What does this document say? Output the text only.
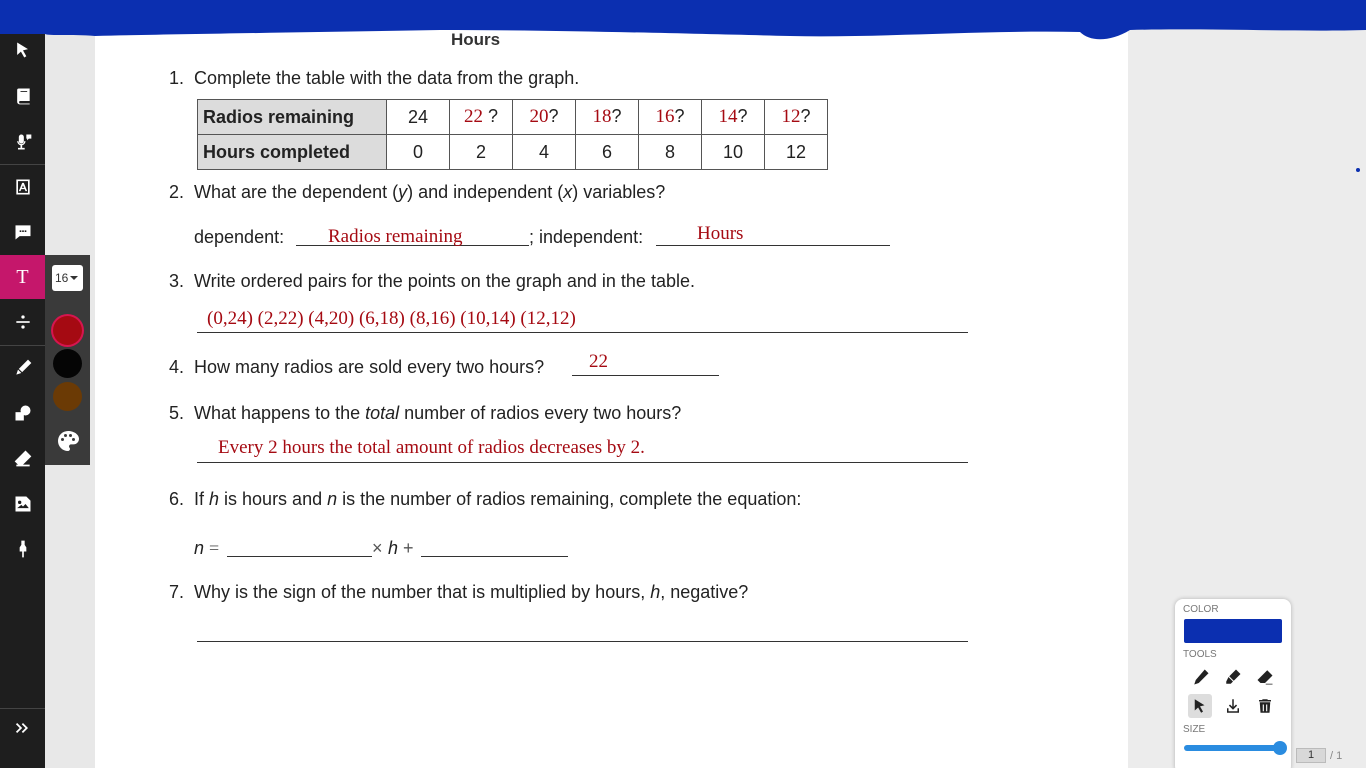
T 16
Hours
1. Complete the table with the data from the graph.
Radios remaining	24	22 ?	20?	18?	16?	14?	12?
Hours completed	0	2	4	6	8	10	12
2. What are the dependent (y) and independent (x) variables?
dependent: Radios remaining	; independent:	Hours
3. Write ordered pairs for the points on the graph and in the table.
(0,24) (2,22) (4,20) (6,18) (8,16) (10,14) (12,12)
4. How many radios are sold every two hours? 22
5. What happens to the total number of radios every two hours?
Every 2 hours the total amount of radios decreases by 2.
6. If h is hours and n is the number of radios remaining, complete the equation:
n =	× h +
7. Why is the sign of the number that is multiplied by hours, h, negative?
COLOR
TOOLS
SIZE
1	/ 1
